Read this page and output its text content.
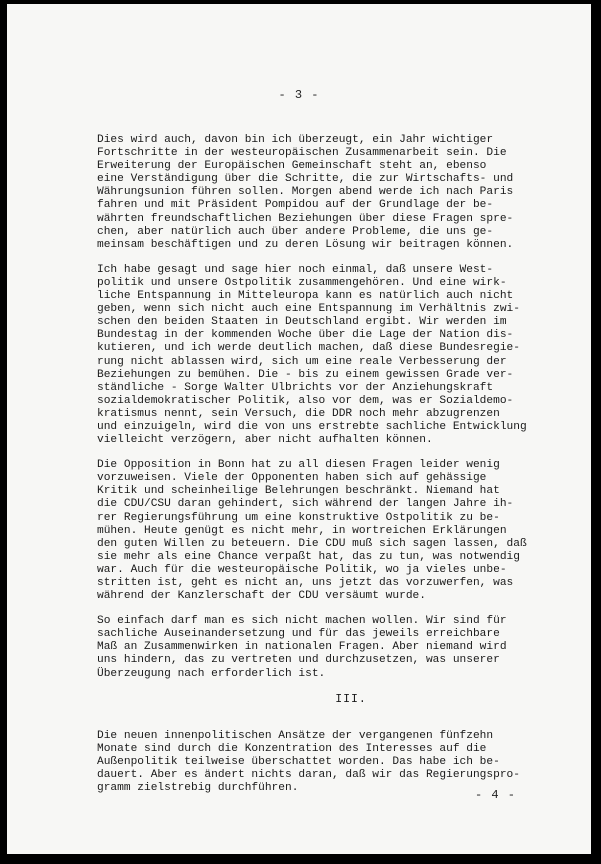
- 3 -

Dies wird auch, davon bin ich überzeugt, ein Jahr wichtiger
Fortschritte in der westeuropäischen Zusammenarbeit sein. Die
Erweiterung der Europäischen Gemeinschaft steht an, ebenso
eine Verständigung über die Schritte, die zur Wirtschafts- und
Währungsunion führen sollen. Morgen abend werde ich nach Paris
fahren und mit Präsident Pompidou auf der Grundlage der be-
währten freundschaftlichen Beziehungen über diese Fragen spre-
chen, aber natürlich auch über andere Probleme, die uns ge-
meinsam beschäftigen und zu deren Lösung wir beitragen können.

Ich habe gesagt und sage hier noch einmal, daß unsere West-
politik und unsere Ostpolitik zusammengehören. Und eine wirk-
liche Entspannung in Mitteleuropa kann es natürlich auch nicht
geben, wenn sich nicht auch eine Entspannung im Verhältnis zwi-
schen den beiden Staaten in Deutschland ergibt. Wir werden im
Bundestag in der kommenden Woche über die Lage der Nation dis-
kutieren, und ich werde deutlich machen, daß diese Bundesregie-
rung nicht ablassen wird, sich um eine reale Verbesserung der
Beziehungen zu bemühen. Die - bis zu einem gewissen Grade ver-
ständliche - Sorge Walter Ulbrichts vor der Anziehungskraft
sozialdemokratischer Politik, also vor dem, was er Sozialdemo-
kratismus nennt, sein Versuch, die DDR noch mehr abzugrenzen
und einzuigeln, wird die von uns erstrebte sachliche Entwicklung
vielleicht verzögern, aber nicht aufhalten können.

Die Opposition in Bonn hat zu all diesen Fragen leider wenig
vorzuweisen. Viele der Opponenten haben sich auf gehässige
Kritik und scheinheilige Belehrungen beschränkt. Niemand hat
die CDU/CSU daran gehindert, sich während der langen Jahre ih-
rer Regierungsführung um eine konstruktive Ostpolitik zu be-
mühen. Heute genügt es nicht mehr, in wortreichen Erklärungen
den guten Willen zu beteuern. Die CDU muß sich sagen lassen, daß
sie mehr als eine Chance verpaßt hat, das zu tun, was notwendig
war. Auch für die westeuropäische Politik, wo ja vieles unbe-
stritten ist, geht es nicht an, uns jetzt das vorzuwerfen, was
während der Kanzlerschaft der CDU versäumt wurde.

So einfach darf man es sich nicht machen wollen. Wir sind für
sachliche Auseinandersetzung und für das jeweils erreichbare
Maß an Zusammenwirken in nationalen Fragen. Aber niemand wird
uns hindern, das zu vertreten und durchzusetzen, was unserer
Überzeugung nach erforderlich ist.

III.

Die neuen innenpolitischen Ansätze der vergangenen fünfzehn
Monate sind durch die Konzentration des Interesses auf die
Außenpolitik teilweise überschattet worden. Das habe ich be-
dauert. Aber es ändert nichts daran, daß wir das Regierungspro-
gramm zielstrebig durchführen.	- 4 -
